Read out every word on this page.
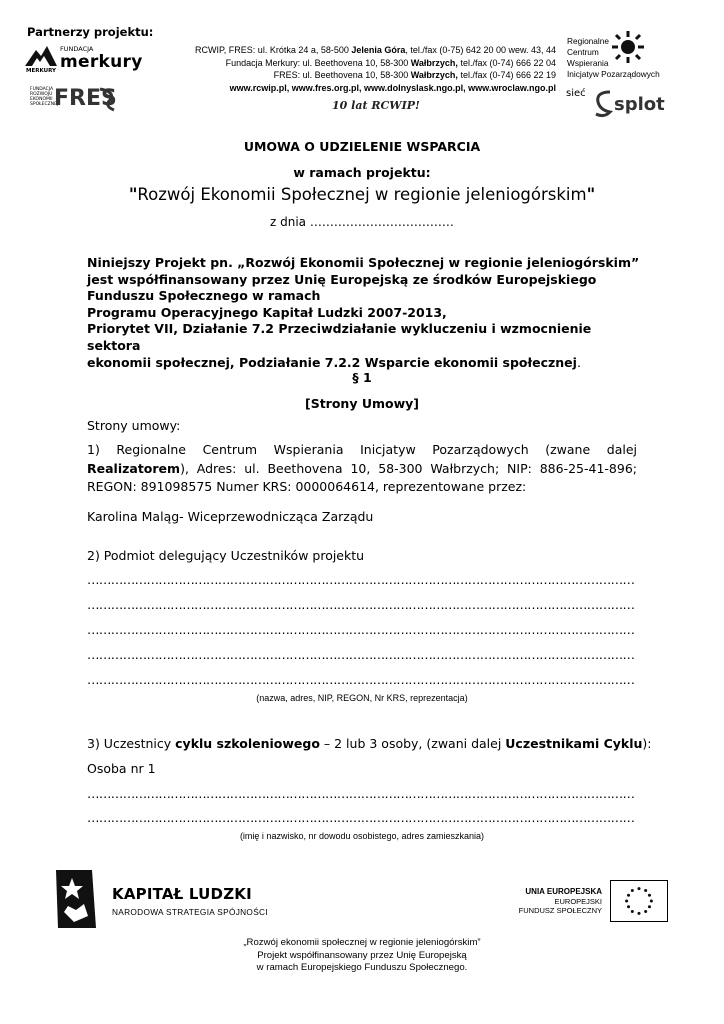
Partnerzy projektu:
FUNDACJA
merkury
MERKURY
FUNDACJA ROZWOJU EKONOMII SPOŁECZNEJ
FRES
RCWIP, FRES: ul. Krótka 24 a, 58-500 Jelenia Góra, tel./fax (0-75) 642 20 00 wew. 43, 44
Fundacja Merkury: ul. Beethovena 10, 58-300 Wałbrzych, tel./fax (0-74) 666 22 04
FRES: ul. Beethovena 10, 58-300 Wałbrzych, tel./fax (0-74) 666 22 19
www.rcwip.pl, www.fres.org.pl, www.dolnyslask.ngo.pl, www.wroclaw.ngo.pl
10 lat RCWIP!
Regionalne
Centrum
Wspierania
Inicjatyw Pozarządowych
sieć
splot
UMOWA O UDZIELENIE WSPARCIA
w ramach projektu:
"Rozwój Ekonomii Społecznej w regionie jeleniogórskim"
z dnia ………………………………
Niniejszy Projekt pn. „Rozwój Ekonomii Społecznej w regionie jeleniogórskim”
jest współfinansowany przez Unię Europejską ze środków Europejskiego
Funduszu Społecznego w ramach
Programu Operacyjnego Kapitał Ludzki 2007-2013,
Priorytet VII, Działanie 7.2 Przeciwdziałanie wykluczeniu i wzmocnienie sektora
ekonomii społecznej, Podziałanie 7.2.2 Wsparcie ekonomii społecznej.
§ 1
[Strony Umowy]
Strony umowy:
1) Regionalne Centrum Wspierania Inicjatyw Pozarządowych (zwane dalej Realizatorem), Adres: ul. Beethovena 10, 58-300 Wałbrzych; NIP: 886-25-41-896; REGON: 891098575 Numer KRS: 0000064614, reprezentowane przez:
Karolina Maląg- Wiceprzewodnicząca Zarządu
2) Podmiot delegujący Uczestników projektu
………………………………………………………………………………………………………………………………………………………
………………………………………………………………………………………………………………………………………………………
………………………………………………………………………………………………………………………………………………………
………………………………………………………………………………………………………………………………………………………
………………………………………………………………………………………………………………………………………………………
(nazwa, adres, NIP, REGON, Nr KRS, reprezentacja)
3) Uczestnicy cyklu szkoleniowego – 2 lub 3 osoby, (zwani dalej Uczestnikami Cyklu):
Osoba nr 1
………………………………………………………………………………………………………………………………………………………
………………………………………………………………………………………………………………………………………………………
(imię i nazwisko, nr dowodu osobistego, adres zamieszkania)
KAPITAŁ LUDZKI
NARODOWA STRATEGIA SPÓJNOŚCI
UNIA EUROPEJSKA
EUROPEJSKI
FUNDUSZ SPOŁECZNY
„Rozwój ekonomii społecznej w regionie jeleniogórskim”
Projekt współfinansowany przez Unię Europejską
w ramach Europejskiego Funduszu Społecznego.
